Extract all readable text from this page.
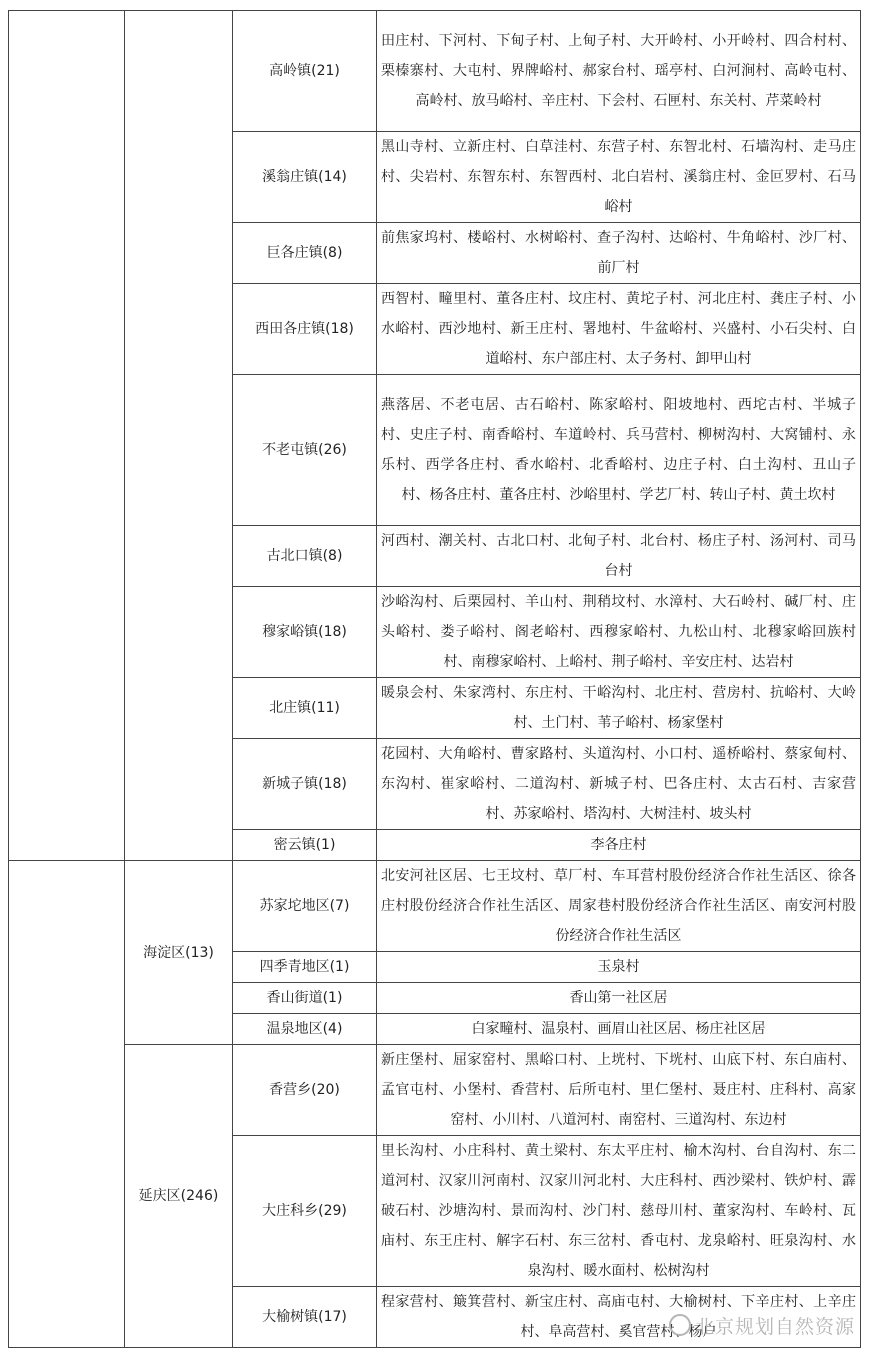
		高岭镇(21)	田庄村、下河村、下甸子村、上甸子村、大开岭村、小开岭村、四合村村、栗榛寨村、大屯村、界牌峪村、郝家台村、瑶亭村、白河涧村、高岭屯村、高岭村、放马峪村、辛庄村、下会村、石匣村、东关村、芹菜岭村
		溪翁庄镇(14)	黑山寺村、立新庄村、白草洼村、东营子村、东智北村、石墙沟村、走马庄村、尖岩村、东智东村、东智西村、北白岩村、溪翁庄村、金叵罗村、石马峪村
		巨各庄镇(8)	前焦家坞村、楼峪村、水树峪村、查子沟村、达峪村、牛角峪村、沙厂村、前厂村
		西田各庄镇(18)	西智村、疃里村、董各庄村、坟庄村、黄坨子村、河北庄村、龚庄子村、小水峪村、西沙地村、新王庄村、署地村、牛盆峪村、兴盛村、小石尖村、白道峪村、东户部庄村、太子务村、卸甲山村
		不老屯镇(26)	燕落居、不老屯居、古石峪村、陈家峪村、阳坡地村、西坨古村、半城子村、史庄子村、南香峪村、车道岭村、兵马营村、柳树沟村、大窝铺村、永乐村、西学各庄村、香水峪村、北香峪村、边庄子村、白土沟村、丑山子村、杨各庄村、董各庄村、沙峪里村、学艺厂村、转山子村、黄土坎村
		古北口镇(8)	河西村、潮关村、古北口村、北甸子村、北台村、杨庄子村、汤河村、司马台村
		穆家峪镇(18)	沙峪沟村、后栗园村、羊山村、荆稍坟村、水漳村、大石岭村、碱厂村、庄头峪村、娄子峪村、阁老峪村、西穆家峪村、九松山村、北穆家峪回族村村、南穆家峪村、上峪村、荆子峪村、辛安庄村、达岩村
		北庄镇(11)	暖泉会村、朱家湾村、东庄村、干峪沟村、北庄村、营房村、抗峪村、大岭村、土门村、苇子峪村、杨家堡村
		新城子镇(18)	花园村、大角峪村、曹家路村、头道沟村、小口村、遥桥峪村、蔡家甸村、东沟村、崔家峪村、二道沟村、新城子村、巴各庄村、太古石村、吉家营村、苏家峪村、塔沟村、大树洼村、坡头村
		密云镇(1)	李各庄村
	海淀区(13)	苏家坨地区(7)	北安河社区居、七王坟村、草厂村、车耳营村股份经济合作社生活区、徐各庄村股份经济合作社生活区、周家巷村股份经济合作社生活区、南安河村股份经济合作社生活区
		四季青地区(1)	玉泉村
		香山街道(1)	香山第一社区居
		温泉地区(4)	白家疃村、温泉村、画眉山社区居、杨庄社区居
	延庆区(246)	香营乡(20)	新庄堡村、屈家窑村、黑峪口村、上垙村、下垙村、山底下村、东白庙村、孟官屯村、小堡村、香营村、后所屯村、里仁堡村、聂庄村、庄科村、高家窑村、小川村、八道河村、南窑村、三道沟村、东边村
		大庄科乡(29)	里长沟村、小庄科村、黄土梁村、东太平庄村、榆木沟村、台自沟村、东二道河村、汉家川河南村、汉家川河北村、大庄科村、西沙梁村、铁炉村、霹破石村、沙塘沟村、景而沟村、沙门村、慈母川村、董家沟村、车岭村、瓦庙村、东王庄村、解字石村、东三岔村、香屯村、龙泉峪村、旺泉沟村、水泉沟村、暖水面村、松树沟村
		大榆树镇(17)	程家营村、簸箕营村、新宝庄村、高庙屯村、大榆树村、下辛庄村、上辛庄村、阜高营村、奚官营村、杨户
北京规划自然资源
